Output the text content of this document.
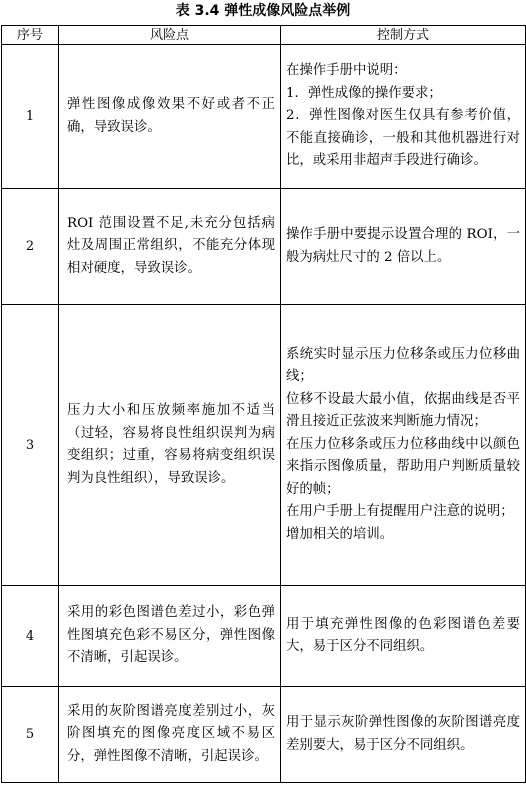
表 3.4 弹性成像风险点举例
序号	风险点	控制方式
1	弹性图像成像效果不好或者不正确，导致误诊。	在操作手册中说明：
1．弹性成像的操作要求；
2．弹性图像对医生仅具有参考价值，不能直接确诊，一般和其他机器进行对比，或采用非超声手段进行确诊。

2	ROI 范围设置不足,未充分包括病灶及周围正常组织，不能充分体现相对硬度，导致误诊。	操作手册中要提示设置合理的 ROI，一般为病灶尺寸的 2 倍以上。

3	压力大小和压放频率施加不适当（过轻，容易将良性组织误判为病变组织；过重，容易将病变组织误判为良性组织），导致误诊。	系统实时显示压力位移条或压力位移曲线；
位移不设最大最小值，依据曲线是否平滑且接近正弦波来判断施力情况；
在压力位移条或压力位移曲线中以颜色来指示图像质量，帮助用户判断质量较好的帧；
在用户手册上有提醒用户注意的说明；
增加相关的培训。

4	采用的彩色图谱色差过小，彩色弹性图填充色彩不易区分，弹性图像不清晰，引起误诊。	用于填充弹性图像的色彩图谱色差要大，易于区分不同组织。

5	采用的灰阶图谱亮度差别过小，灰阶图填充的图像亮度区域不易区分，弹性图像不清晰，引起误诊。	用于显示灰阶弹性图像的灰阶图谱亮度差别要大，易于区分不同组织。
